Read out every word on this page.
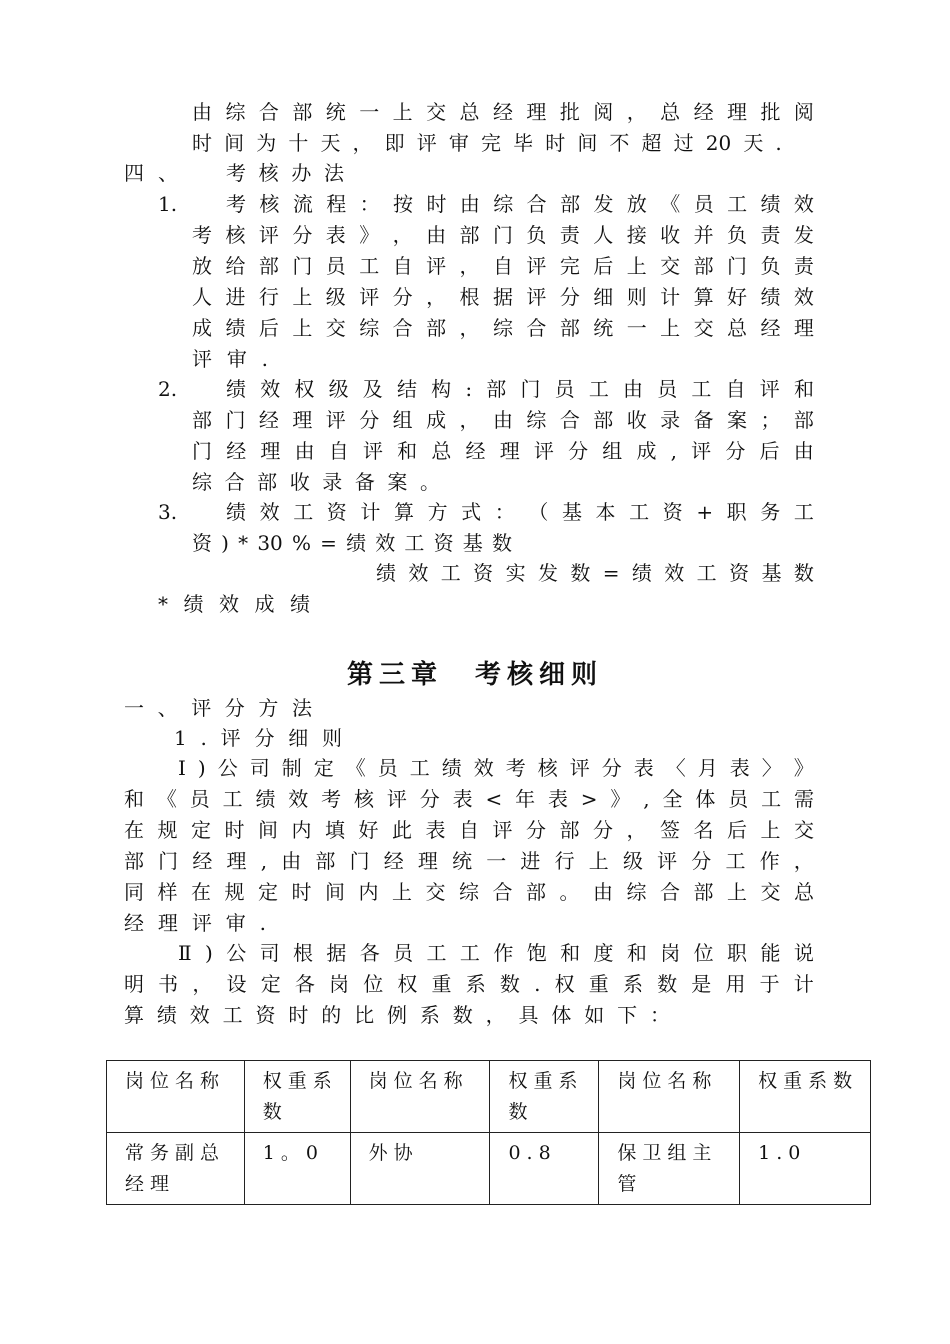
由 综 合 部 统 一 上 交 总 经 理 批 阅 ， 总 经 理 批 阅
时 间 为 十 天 ， 即 评 审 完 毕 时 间 不 超 过 20 天 .
四、 考 核 办 法
1. 考 核 流 程 ： 按 时 由 综 合 部 发 放 《 员 工 绩 效
考 核 评 分 表 》 ， 由 部 门 负 责 人 接 收 并 负 责 发
放 给 部 门 员 工 自 评 ， 自 评 完 后 上 交 部 门 负 责
人 进 行 上 级 评 分 ， 根 据 评 分 细 则 计 算 好 绩 效
成 绩 后 上 交 综 合 部 ， 综 合 部 统 一 上 交 总 经 理
评 审 .
2. 绩 效 权 级 及 结 构 : 部 门 员 工 由 员 工 自 评 和
部 门 经 理 评 分 组 成 ， 由 综 合 部 收 录 备 案 ； 部
门 经 理 由 自 评 和 总 经 理 评 分 组 成 , 评 分 后 由
综 合 部 收 录 备 案 。
3. 绩 效 工 资 计 算 方 式 ： （ 基 本 工 资 + 职 务 工
资 ) * 30 % = 绩 效 工 资 基 数
绩 效 工 资 实 发 数 = 绩 效 工 资 基 数
* 绩 效 成 绩
第三章　考核细则
一 、 评 分 方 法
1 . 评 分 细 则
Ⅰ ) 公 司 制 定 《 员 工 绩 效 考 核 评 分 表 〈 月 表 〉 》
和 《 员 工 绩 效 考 核 评 分 表 < 年 表 > 》 , 全 体 员 工 需
在 规 定 时 间 内 填 好 此 表 自 评 分 部 分 ， 签 名 后 上 交
部 门 经 理 , 由 部 门 经 理 统 一 进 行 上 级 评 分 工 作 ，
同 样 在 规 定 时 间 内 上 交 综 合 部 。 由 综 合 部 上 交 总
经 理 评 审 .
Ⅱ ) 公 司 根 据 各 员 工 工 作 饱 和 度 和 岗 位 职 能 说
明 书 ， 设 定 各 岗 位 权 重 系 数 . 权 重 系 数 是 用 于 计
算 绩 效 工 资 时 的 比 例 系 数 ， 具 体 如 下 ：
岗位名称	权重系数	岗位名称	权重系数	岗位名称	权重系数
常务副总经理	1。0	外协	0.8	保卫组主管	1.0
